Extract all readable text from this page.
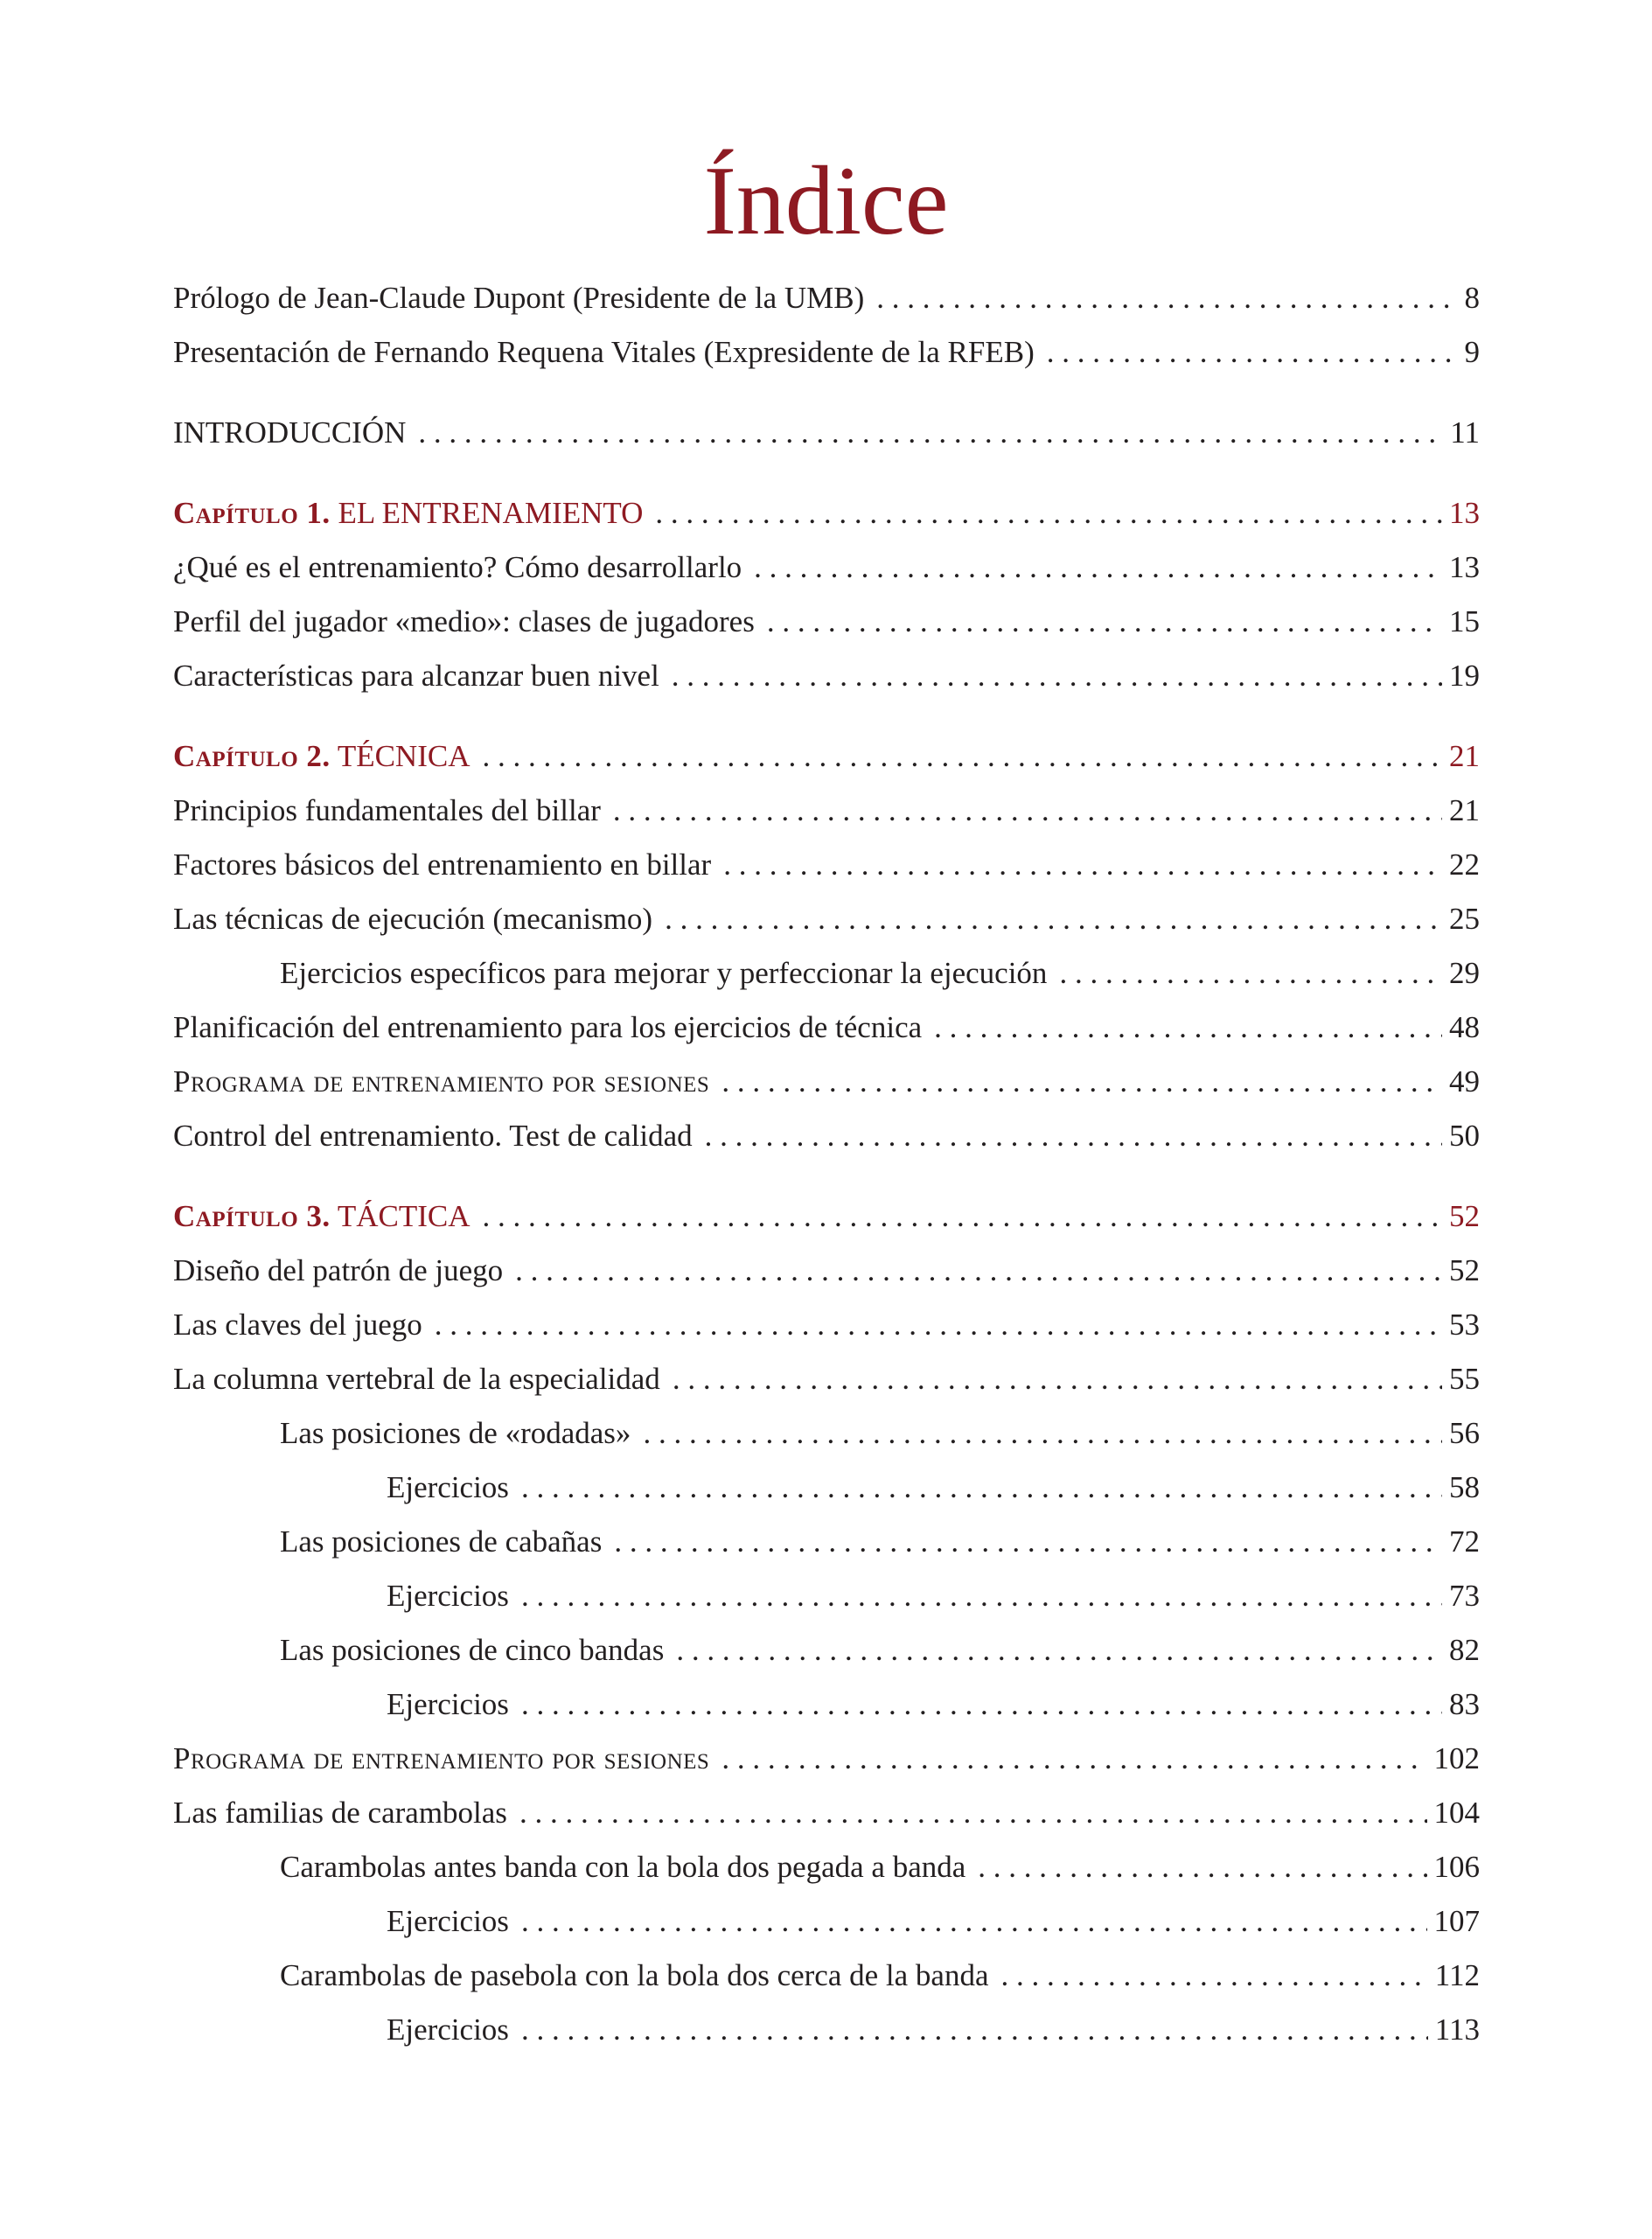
Índice
Prólogo de Jean-Claude Dupont (Presidente de la UMB) . . .	8
Presentación de Fernando Requena Vitales (Expresidente de la RFEB) . . .	9
INTRODUCCIÓN . . .	11
Capítulo 1. EL ENTRENAMIENTO . . .	13
¿Qué es el entrenamiento? Cómo desarrollarlo . . .	13
Perfil del jugador «medio»: clases de jugadores . . .	15
Características para alcanzar buen nivel . . .	19
Capítulo 2. TÉCNICA . . .	21
Principios fundamentales del billar . . .	21
Factores básicos del entrenamiento en billar . . .	22
Las técnicas de ejecución (mecanismo) . . .	25
Ejercicios específicos para mejorar y perfeccionar la ejecución . . .	29
Planificación del entrenamiento para los ejercicios de técnica . . .	48
Programa de entrenamiento por sesiones . . .	49
Control del entrenamiento. Test de calidad . . .	50
Capítulo 3. TÁCTICA . . .	52
Diseño del patrón de juego . . .	52
Las claves del juego . . .	53
La columna vertebral de la especialidad . . .	55
Las posiciones de «rodadas» . . .	56
Ejercicios . . .	58
Las posiciones de cabañas . . .	72
Ejercicios . . .	73
Las posiciones de cinco bandas . . .	82
Ejercicios . . .	83
Programa de entrenamiento por sesiones . . .	102
Las familias de carambolas . . .	104
Carambolas antes banda con la bola dos pegada a banda . . .	106
Ejercicios . . .	107
Carambolas de pasebola con la bola dos cerca de la banda . . .	112
Ejercicios . . .	113
